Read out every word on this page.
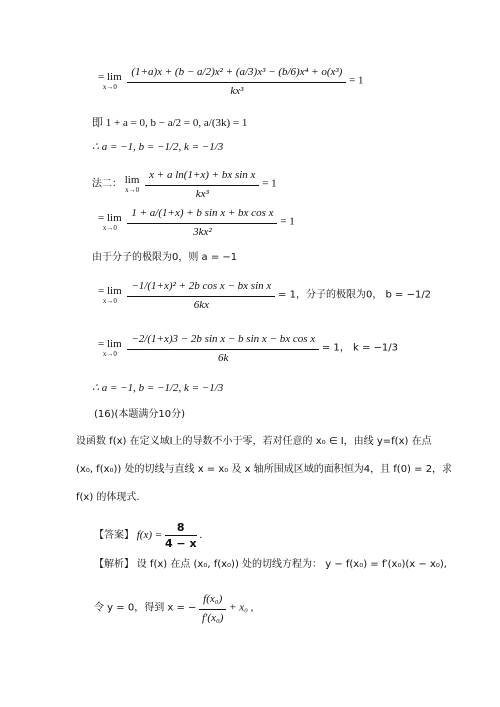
= lim
x→0
$\frac{\text{(1+a)x + (b − a/2)x² + (a/3)x³ − (b/6)x⁴ + o(x³)}}{\text{kx³}} = 1$
即 1 + a = 0, b − a/2 = 0, a/(3k) = 1
∴ a = −1, b = −1/2, k = −1/3
法二： lim
x→0
$\frac{\text{x + a ln(1+x) + bx sin x}}{\text{kx³}} = 1$
= lim
x→0
$\frac{\text{1 + a/(1+x) + b sin x + bx cos x}}{\text{3kx²}} = 1$
由于分子的极限为0，则 a = −1
= lim
x→0
$\frac{\text{−1/(1+x)² + 2b cos x − bx sin x}}{6kx} = 1$，分子的极限为0， b = −1/2
= lim
x→0
$\frac{\text{−2/(1+x)3 − 2b sin x − b sin x − bx cos x}}{6k} = 1$， k = −1/3
∴ a = −1, b = −1/2, k = −1/3
(16)(本题满分10分)
设函数 f(x) 在定义域I上的导数不小于零，若对任意的 x₀ ∈ I，由线 y=f(x) 在点
(x₀, f(x₀)) 处的切线与直线 x = x₀ 及 x 轴所围成区域的面积恒为4，且 f(0) = 2，求
f(x) 的体现式.
【答案】 $f(x) = \frac{8}{4 - x}$ .
【解析】 设 f(x) 在点 (x₀, f(x₀)) 处的切线方程为： y − f(x₀) = f′(x₀)(x − x₀),
令 y = 0，得到 x = − $\frac{\text{f(x₀)}}{\text{f′(x₀)}} + x_0$ ,
